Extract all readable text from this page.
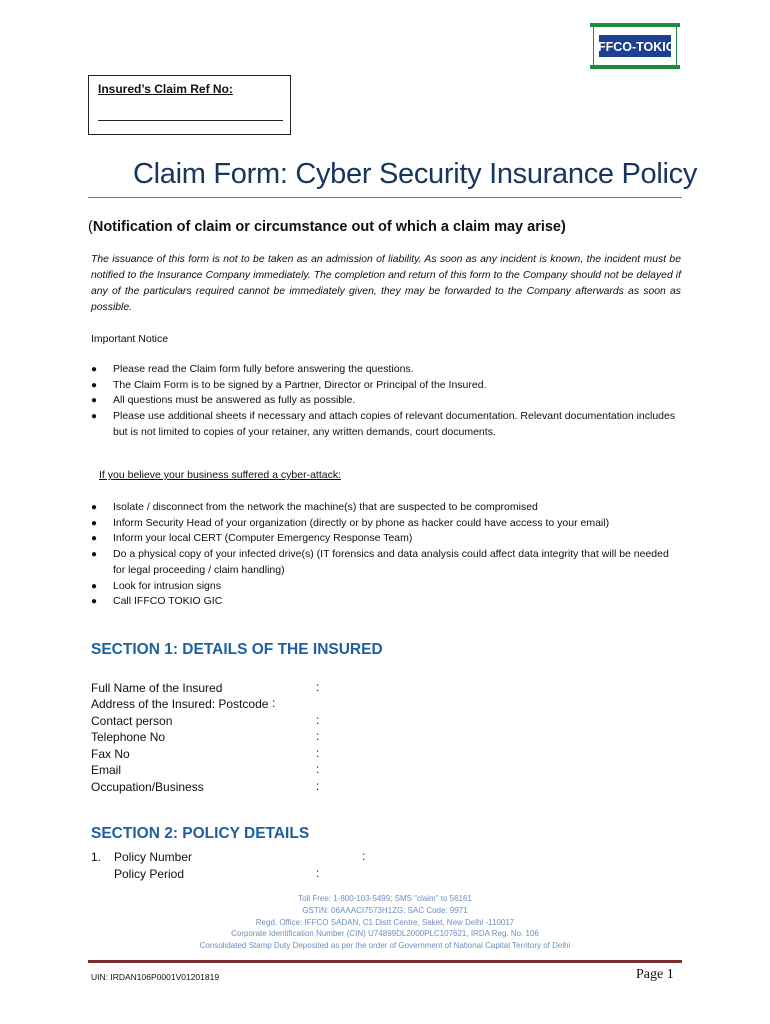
IFFCO-TOKIO
Insured’s Claim Ref No:
Claim Form: Cyber Security Insurance Policy
(Notification of claim or circumstance out of which a claim may arise)
The issuance of this form is not to be taken as an admission of liability. As soon as any incident is known, the incident must be notified to the Insurance Company immediately. The completion and return of this form to the Company should not be delayed if any of the particulars required cannot be immediately given, they may be forwarded to the Company afterwards as soon as possible.
Important Notice
● Please read the Claim form fully before answering the questions.
● The Claim Form is to be signed by a Partner, Director or Principal of the Insured.
● All questions must be answered as fully as possible.
● Please use additional sheets if necessary and attach copies of relevant documentation. Relevant documentation includes but is not limited to copies of your retainer, any written demands, court documents.
If you believe your business suffered a cyber-attack:
● Isolate / disconnect from the network the machine(s) that are suspected to be compromised
● Inform Security Head of your organization (directly or by phone as hacker could have access to your email)
● Inform your local CERT (Computer Emergency Response Team)
● Do a physical copy of your infected drive(s) (IT forensics and data analysis could affect data integrity that will be needed for legal proceeding / claim handling)
● Look for intrusion signs
● Call IFFCO TOKIO GIC
SECTION 1: DETAILS OF THE INSURED
Full Name of the Insured	:
Address of the Insured: Postcode :
Contact person	:
Telephone No	:
Fax No	:
Email	:
Occupation/Business	:
SECTION 2: POLICY DETAILS
1. Policy Number	:
Policy Period	:
Toll Free: 1-800-103-5499; SMS "claim" to 56161
GSTIN: 06AAACI7573H1ZG; SAC Code: 9971
Regd. Office: IFFCO SADAN, C1 Distt Centre, Saket, New Delhi -110017
Corporate Identification Number (CIN) U74899DL2000PLC107621, IRDA Reg. No. 106
Consolidated Stamp Duty Deposited as per the order of Government of National Capital Territory of Delhi
UIN: IRDAN106P0001V01201819	Page 1
